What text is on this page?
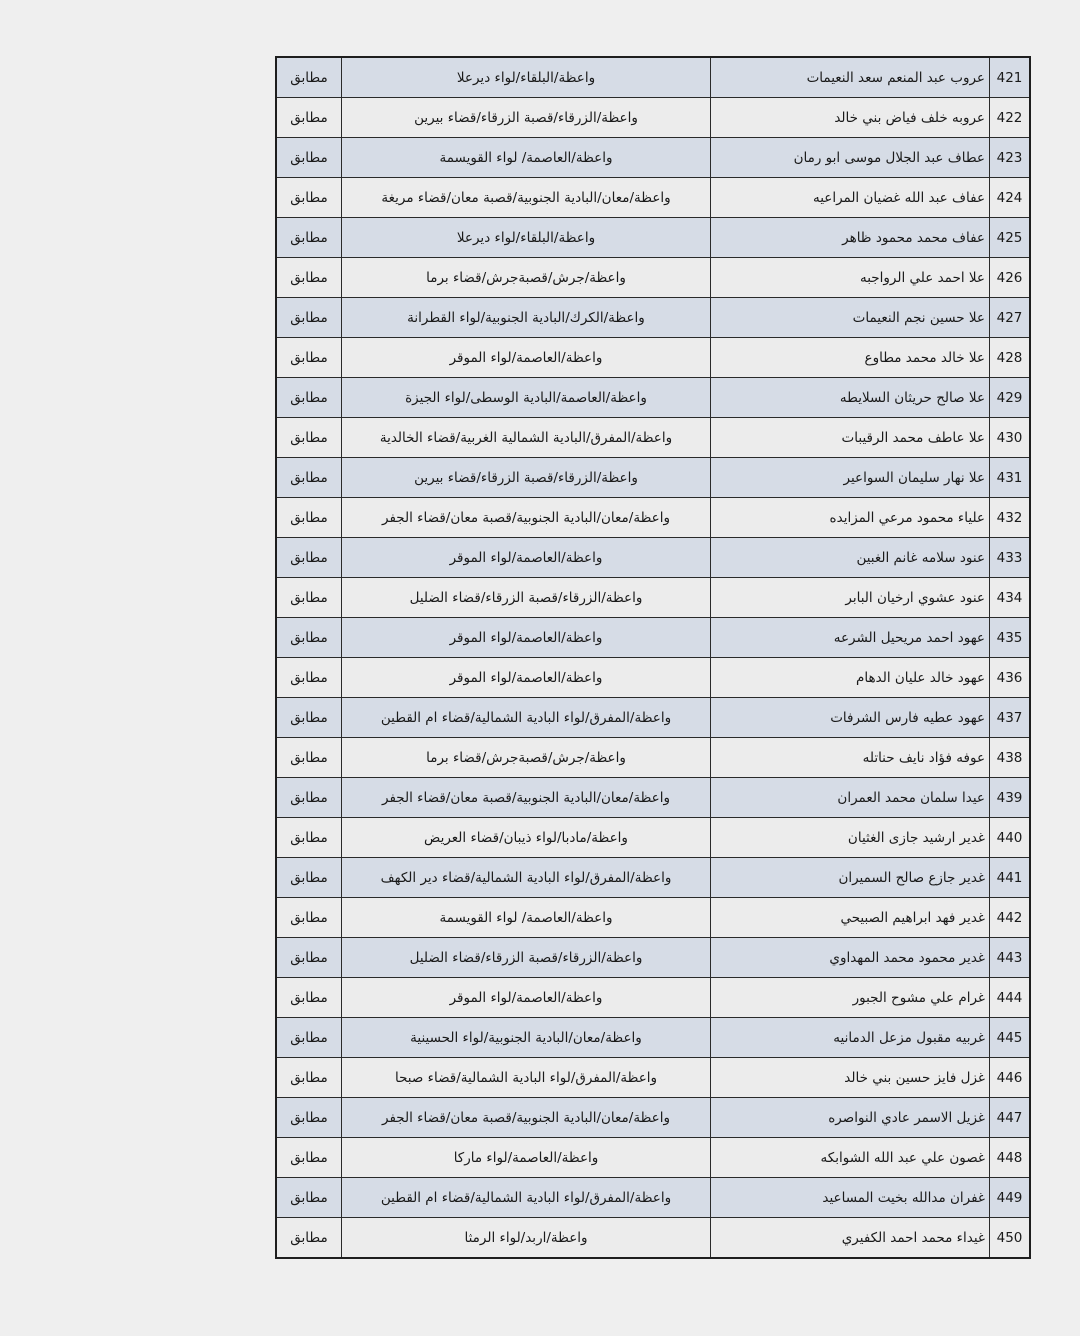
421	عروب عبد المنعم سعد النعيمات	واعظة/البلقاء/لواء ديرعلا	مطابق
422	عروبه خلف فياض بني خالد	واعظة/الزرقاء/قصبة الزرقاء/قضاء بيرين	مطابق
423	عطاف عبد الجلال موسى ابو رمان	واعظة/العاصمة/ لواء القويسمة	مطابق
424	عفاف عبد الله غضيان المراعيه	واعظة/معان/البادية الجنوبية/قصبة معان/قضاء مريغة	مطابق
425	عفاف محمد محمود ظاهر	واعظة/البلقاء/لواء ديرعلا	مطابق
426	علا احمد علي الرواجبه	واعظة/جرش/قصبةجرش/قضاء برما	مطابق
427	علا حسين نجم النعيمات	واعظة/الكرك/البادية الجنوبية/لواء القطرانة	مطابق
428	علا خالد محمد مطاوع	واعظة/العاصمة/لواء الموقر	مطابق
429	علا صالح حريثان السلايطه	واعظة/العاصمة/البادية الوسطى/لواء الجيزة	مطابق
430	علا عاطف محمد الرقيبات	واعظة/المفرق/البادية الشمالية الغربية/قضاء الخالدية	مطابق
431	علا نهار سليمان السواعير	واعظة/الزرقاء/قصبة الزرقاء/قضاء بيرين	مطابق
432	علياء محمود مرعي المزايده	واعظة/معان/البادية الجنوبية/قصبة معان/قضاء الجفر	مطابق
433	عنود سلامه غانم الغبين	واعظة/العاصمة/لواء الموقر	مطابق
434	عنود عشوي ارخيان البابر	واعظة/الزرقاء/قصبة الزرقاء/قضاء الضليل	مطابق
435	عهود احمد مريحيل الشرعه	واعظة/العاصمة/لواء الموقر	مطابق
436	عهود خالد عليان الدهام	واعظة/العاصمة/لواء الموقر	مطابق
437	عهود عطيه فارس الشرفات	واعظة/المفرق/لواء البادية الشمالية/قضاء ام القطين	مطابق
438	عوفه فؤاد نايف حناتله	واعظة/جرش/قصبةجرش/قضاء برما	مطابق
439	عيدا سلمان محمد العمران	واعظة/معان/البادية الجنوبية/قصبة معان/قضاء الجفر	مطابق
440	غدير ارشيد جازى الغثيان	واعظة/مادبا/لواء ذيبان/قضاء العريض	مطابق
441	غدير جازع صالح السميران	واعظة/المفرق/لواء البادية الشمالية/قضاء دير الكهف	مطابق
442	غدير فهد ابراهيم الصبيحي	واعظة/العاصمة/ لواء القويسمة	مطابق
443	غدير محمود محمد المهداوي	واعظة/الزرقاء/قصبة الزرقاء/قضاء الضليل	مطابق
444	غرام علي مشوح الجبور	واعظة/العاصمة/لواء الموقر	مطابق
445	غربيه مقبول مزعل الدمانيه	واعظة/معان/البادية الجنوبية/لواء الحسينية	مطابق
446	غزل فايز حسين بني خالد	واعظة/المفرق/لواء البادية الشمالية/قضاء صبحا	مطابق
447	غزيل الاسمر عادي النواصره	واعظة/معان/البادية الجنوبية/قصبة معان/قضاء الجفر	مطابق
448	غصون علي عبد الله الشوابكه	واعظة/العاصمة/لواء ماركا	مطابق
449	غفران مدالله بخيت المساعيد	واعظة/المفرق/لواء البادية الشمالية/قضاء ام القطين	مطابق
450	غيداء محمد احمد الكفيري	واعظة/اربد/لواء الرمثا	مطابق
